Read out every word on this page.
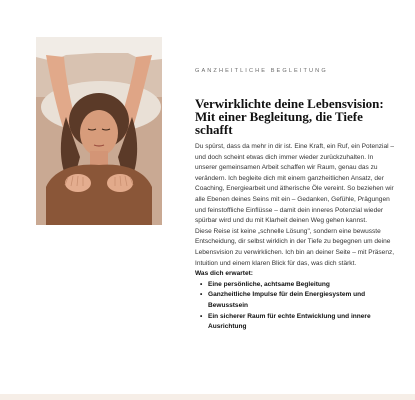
GANZHEITLICHE BEGLEITUNG
Verwirklichte deine Lebensvision: Mit einer Begleitung, die Tiefe schafft

Du spürst, dass da mehr in dir ist. Eine Kraft, ein Ruf, ein Potenzial – und doch scheint etwas dich immer wieder zurückzuhalten. In unserer gemeinsamen Arbeit schaffen wir Raum, genau das zu verändern. Ich begleite dich mit einem ganzheitlichen Ansatz, der Coaching, Energiearbeit und ätherische Öle vereint. So beziehen wir alle Ebenen deines Seins mit ein – Gedanken, Gefühle, Prägungen und feinstoffliche Einflüsse – damit dein inneres Potenzial wieder spürbar wird und du mit Klarheit deinen Weg gehen kannst.

Diese Reise ist keine „schnelle Lösung", sondern eine bewusste Entscheidung, dir selbst wirklich in der Tiefe zu begegnen um deine Lebensvision zu verwirklichen. Ich bin an deiner Seite – mit Präsenz, Intuition und einem klaren Blick für das, was dich stärkt.

Was dich erwartet:

• Eine persönliche, achtsame Begleitung
• Ganzheitliche Impulse für dein Energiesystem und Bewusstsein
• Ein sicherer Raum für echte Entwicklung und innere Ausrichtung
